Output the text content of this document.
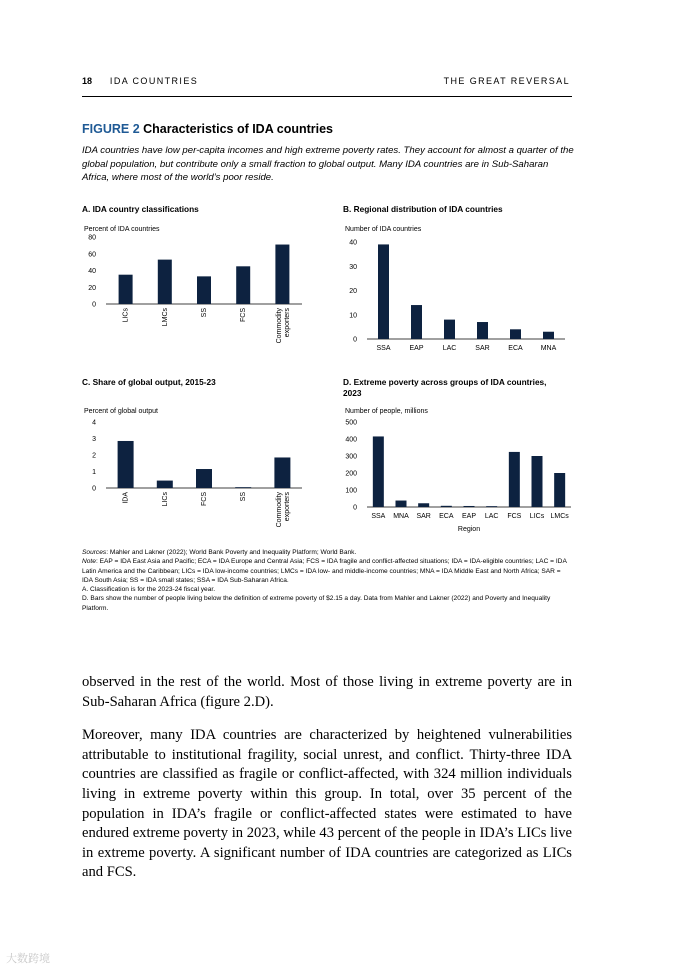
18 IDA COUNTRIES	THE GREAT REVERSAL
FIGURE 2 Characteristics of IDA countries
IDA countries have low per-capita incomes and high extreme poverty rates. They account for almost a quarter of the global population, but contribute only a small fraction to global output. Many IDA countries are in Sub-Saharan Africa, where most of the world’s poor reside.
A. IDA country classifications	B. Regional distribution of IDA countries
C. Share of global output, 2015-23	D. Extreme poverty across groups of IDA countries, 2023
Percent of IDA countries
0
20
40
60
80
LICs	LMCs	SS	FCS	Commodityexporters
Number of IDA countries
0
10
20
30
40
SSA	EAP	LAC	SAR	ECA	MNA
Percent of global output
0
1
2
3
4
IDA	LICs	FCS	SS	Commodityexporters
Number of people, millions
0
100
200
300
400
500
SSA MNA SAR ECA EAP LAC FCS LICs LMCs
Region

Sources: Mahler and Lakner (2022); World Bank Poverty and Inequality Platform; World Bank.

Note: EAP = IDA East Asia and Pacific; ECA = IDA Europe and Central Asia; FCS = IDA fragile and conflict-affected situations; IDA = IDA-eligible countries; LAC = IDA Latin America and the Caribbean; LICs = IDA low-income countries; LMCs = IDA low- and middle-income countries; MNA = IDA Middle East and North Africa; SAR = IDA South Asia; SS = IDA small states; SSA = IDA Sub-Saharan Africa.

A. Classification is for the 2023-24 fiscal year.

D. Bars show the number of people living below the definition of extreme poverty of $2.15 a day. Data from Mahler and Lakner (2022) and Poverty and Inequality Platform.

observed in the rest of the world. Most of those living in extreme poverty are in Sub-Saharan Africa (figure 2.D).

Moreover, many IDA countries are characterized by heightened vulnerabilities attributable to institutional fragility, social unrest, and conflict. Thirty-three IDA countries are classified as fragile or conflict-affected, with 324 million individuals living in extreme poverty within this group. In total, over 35 percent of the population in IDA’s fragile or conflict-affected states were estimated to have endured extreme poverty in 2023, while 43 percent of the people in IDA’s LICs live in extreme poverty. A significant number of IDA countries are categorized as LICs and FCS.

大数跨境
